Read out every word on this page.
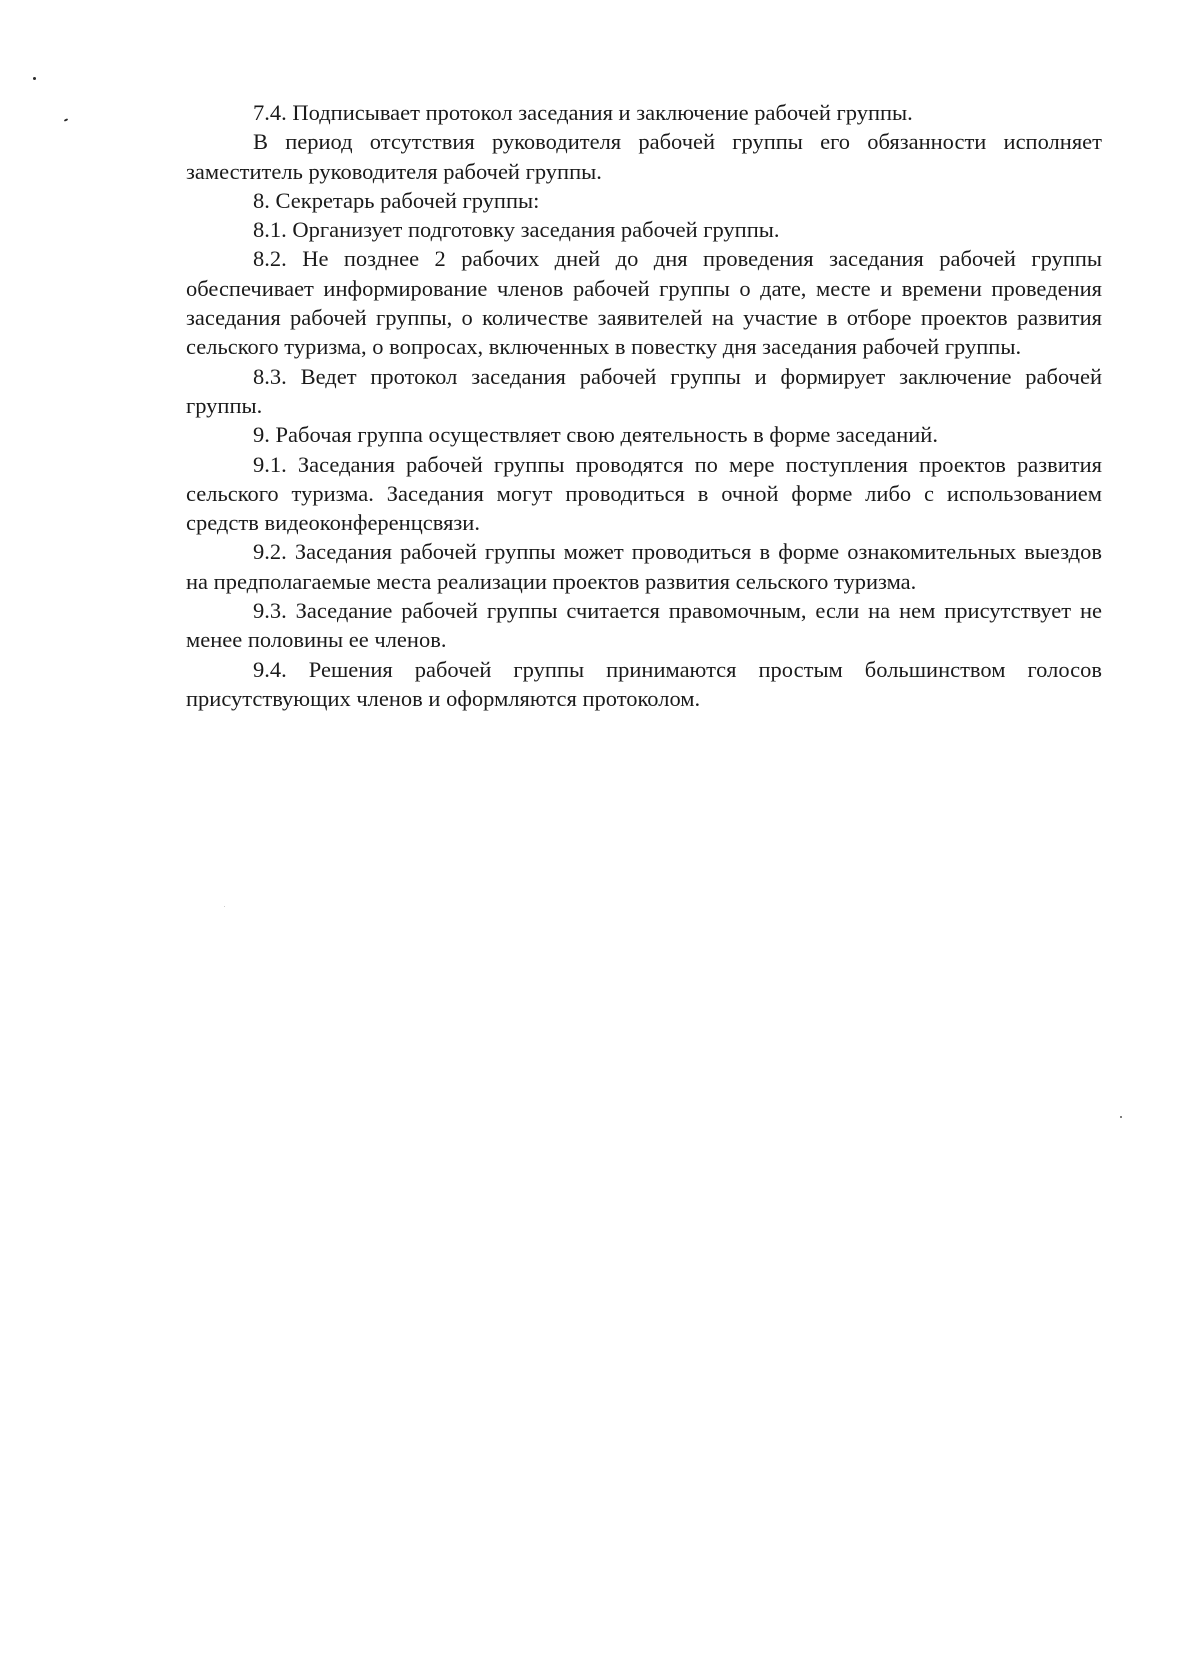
7.4. Подписывает протокол заседания и заключение рабочей группы.

В период отсутствия руководителя рабочей группы его обязанности исполняет заместитель руководителя рабочей группы.

8. Секретарь рабочей группы:

8.1. Организует подготовку заседания рабочей группы.

8.2. Не позднее 2 рабочих дней до дня проведения заседания рабочей группы обеспечивает информирование членов рабочей группы о дате, месте и времени проведения заседания рабочей группы, о количестве заявителей на участие в отборе проектов развития сельского туризма, о вопросах, включенных в повестку дня заседания рабочей группы.

8.3. Ведет протокол заседания рабочей группы и формирует заключение рабочей группы.

9. Рабочая группа осуществляет свою деятельность в форме заседаний.

9.1. Заседания рабочей группы проводятся по мере поступления проектов развития сельского туризма. Заседания могут проводиться в очной форме либо с использованием средств видеоконференцсвязи.

9.2. Заседания рабочей группы может проводиться в форме ознакомительных выездов на предполагаемые места реализации проектов развития сельского туризма.

9.3. Заседание рабочей группы считается правомочным, если на нем присутствует не менее половины ее членов.

9.4. Решения рабочей группы принимаются простым большинством голосов присутствующих членов и оформляются протоколом.
